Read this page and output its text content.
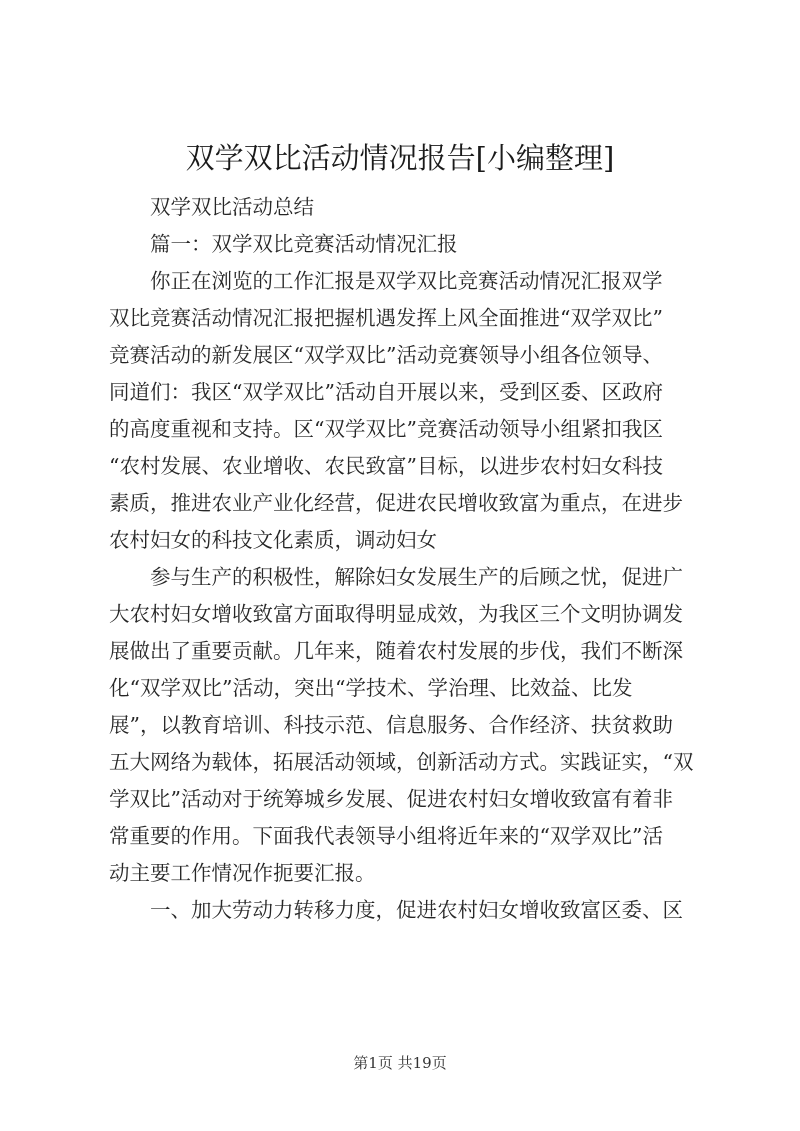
双学双比活动情况报告[小编整理]

双学双比活动总结

篇一：双学双比竞赛活动情况汇报

你正在浏览的工作汇报是双学双比竞赛活动情况汇报双学
双比竞赛活动情况汇报把握机遇发挥上风全面推进“双学双比”
竞赛活动的新发展区“双学双比”活动竞赛领导小组各位领导、
同道们：我区“双学双比”活动自开展以来，受到区委、区政府
的高度重视和支持。区“双学双比”竞赛活动领导小组紧扣我区
“农村发展、农业增收、农民致富”目标，以进步农村妇女科技
素质，推进农业产业化经营，促进农民增收致富为重点，在进步
农村妇女的科技文化素质，调动妇女

参与生产的积极性，解除妇女发展生产的后顾之忧，促进广
大农村妇女增收致富方面取得明显成效，为我区三个文明协调发
展做出了重要贡献。几年来，随着农村发展的步伐，我们不断深
化“双学双比”活动，突出“学技术、学治理、比效益、比发
展”，以教育培训、科技示范、信息服务、合作经济、扶贫救助
五大网络为载体，拓展活动领域，创新活动方式。实践证实，“双
学双比”活动对于统筹城乡发展、促进农村妇女增收致富有着非
常重要的作用。下面我代表领导小组将近年来的“双学双比”活
动主要工作情况作扼要汇报。

一、加大劳动力转移力度，促进农村妇女增收致富区委、区

第1页 共19页
